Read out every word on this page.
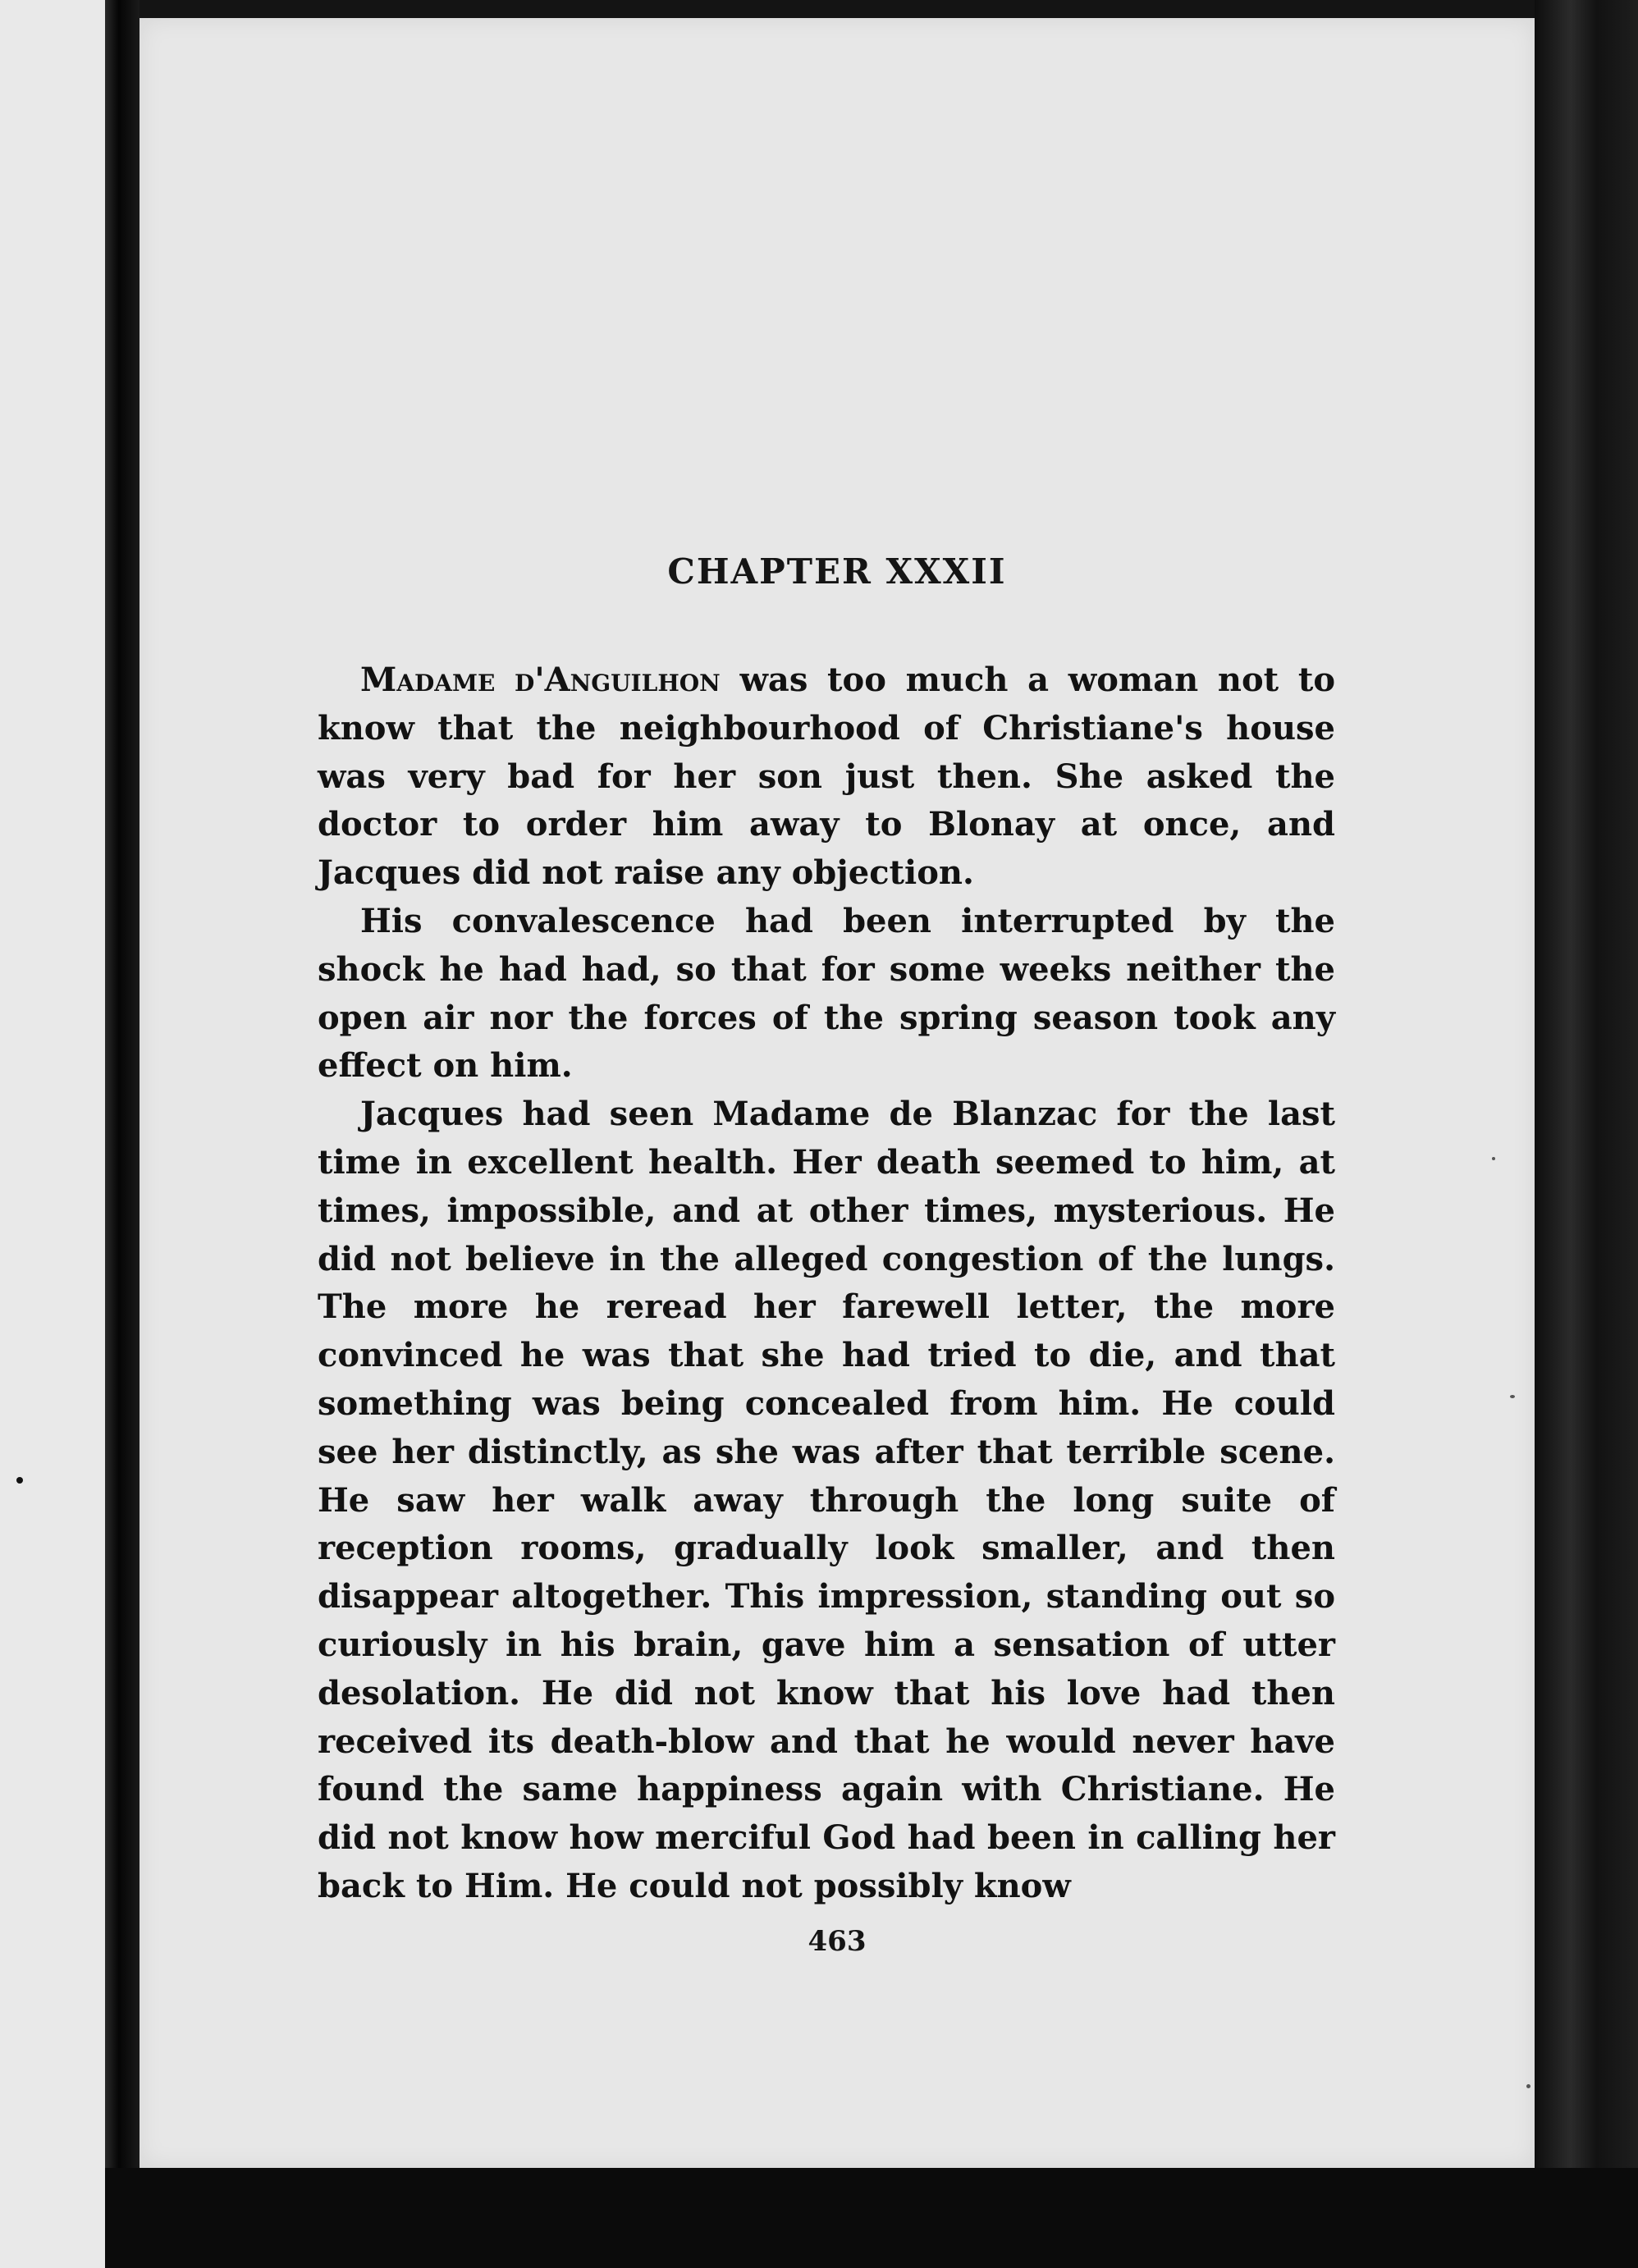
CHAPTER XXXII

Madame d'Anguilhon was too much a woman not to know that the neighbourhood of Christiane's house was very bad for her son just then. She asked the doctor to order him away to Blonay at once, and Jacques did not raise any objection.

His convalescence had been interrupted by the shock he had had, so that for some weeks neither the open air nor the forces of the spring season took any effect on him.

Jacques had seen Madame de Blanzac for the last time in excellent health. Her death seemed to him, at times, impossible, and at other times, mysterious. He did not believe in the alleged congestion of the lungs. The more he reread her farewell letter, the more convinced he was that she had tried to die, and that something was being concealed from him. He could see her distinctly, as she was after that terrible scene. He saw her walk away through the long suite of reception rooms, gradually look smaller, and then disappear altogether. This impression, standing out so curiously in his brain, gave him a sensation of utter desolation. He did not know that his love had then received its death-blow and that he would never have found the same happiness again with Christiane. He did not know how merciful God had been in calling her back to Him. He could not possibly know

463
